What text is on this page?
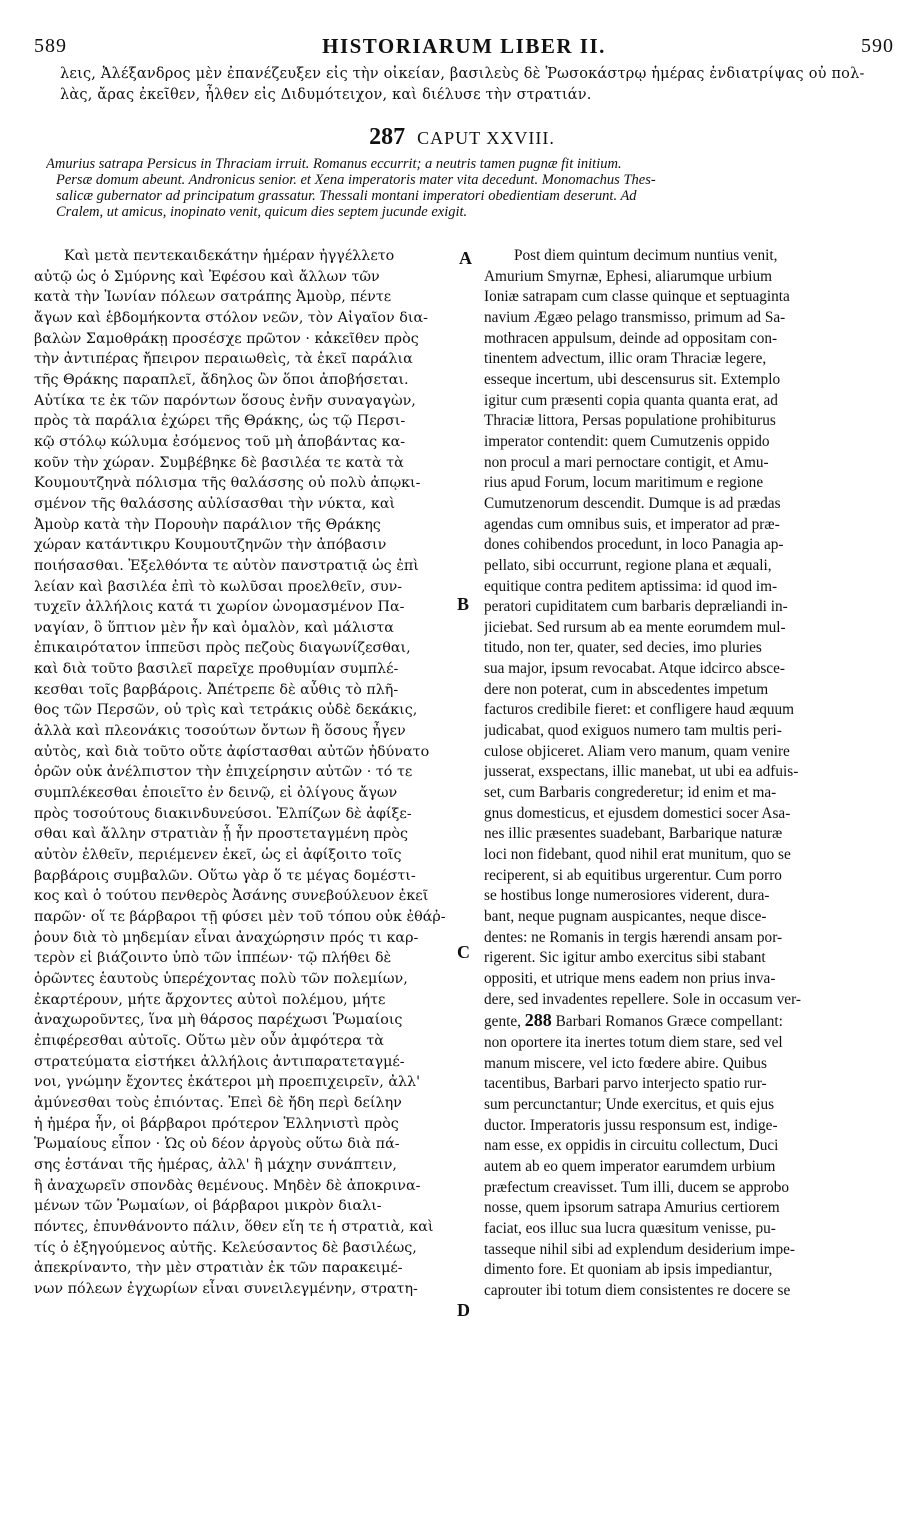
589	HISTORIARUM LIBER II.	590
λεις, Ἀλέξανδρος μὲν ἐπανέζευξεν εἰς τὴν οἰκείαν, βασιλεὺς δὲ Ῥωσοκάστρῳ ἡμέρας ἐνδιατρίψας οὐ πολ-
λὰς, ἄρας ἐκεῖθεν, ἦλθεν εἰς Διδυμότειχον, καὶ διέλυσε τὴν στρατιάν.
287 CAPUT XXVIII.
Amurius satrapa Persicus in Thraciam irruit. Romanus eccurrit; a neutris tamen pugnæ fit initium.
Persæ domum abeunt. Andronicus senior. et Xena imperatoris mater vita decedunt. Monomachus Thes-
salicæ gubernator ad principatum grassatur. Thessali montani imperatori obedientiam deserunt. Ad
Cralem, ut amicus, inopinato venit, quicum dies septem jucunde exigit.
Καὶ μετὰ πεντεκαιδεκάτην ἡμέραν ἠγγέλλετο
αὐτῷ ὡς ὁ Σμύρνης καὶ Ἐφέσου καὶ ἄλλων τῶν
κατὰ τὴν Ἰωνίαν πόλεων σατράπης Ἀμοὺρ, πέντε
ἄγων καὶ ἑβδομήκοντα στόλον νεῶν, τὸν Αἰγαῖον δια-
βαλὼν Σαμοθράκῃ προσέσχε πρῶτον · κἀκεῖθεν πρὸς
τὴν ἀντιπέρας ἤπειρον περαιωθεὶς, τὰ ἐκεῖ παράλια
τῆς Θράκης παραπλεῖ, ἄδηλος ὢν ὅποι ἀποβήσεται.
Αὐτίκα τε ἐκ τῶν παρόντων ὅσους ἐνῆν συναγαγὼν,
πρὸς τὰ παράλια ἐχώρει τῆς Θράκης, ὡς τῷ Περσι-
κῷ στόλῳ κώλυμα ἐσόμενος τοῦ μὴ ἀποβάντας κα-
κοῦν τὴν χώραν. Συμβέβηκε δὲ βασιλέα τε κατὰ τὰ
Κουμουτζηνὰ πόλισμα τῆς θαλάσσης οὐ πολὺ ἀπῳκι-
σμένον τῆς θαλάσσης αὐλίσασθαι τὴν νύκτα, καὶ
Ἀμοὺρ κατὰ τὴν Πορουὴν παράλιον τῆς Θράκης
χώραν κατάντικρυ Κουμουτζηνῶν τὴν ἀπόβασιν
ποιήσασθαι. Ἐξελθόντα τε αὐτὸν πανστρατιᾷ ὡς ἐπὶ
λείαν καὶ βασιλέα ἐπὶ τὸ κωλῦσαι προελθεῖν, συν-
τυχεῖν ἀλλήλοις κατά τι χωρίον ὠνομασμένον Πα-
ναγίαν, ὃ ὕπτιον μὲν ἦν καὶ ὁμαλὸν, καὶ μάλιστα
ἐπικαιρότατον ἱππεῦσι πρὸς πεζοὺς διαγωνίζεσθαι,
καὶ διὰ τοῦτο βασιλεῖ παρεῖχε προθυμίαν συμπλέ-
κεσθαι τοῖς βαρβάροις. Ἀπέτρεπε δὲ αὖθις τὸ πλῆ-
θος τῶν Περσῶν, οὐ τρὶς καὶ τετράκις οὐδὲ δεκάκις,
ἀλλὰ καὶ πλεονάκις τοσούτων ὄντων ἢ ὅσους ἦγεν
αὐτὸς, καὶ διὰ τοῦτο οὔτε ἀφίστασθαι αὐτῶν ἠδύνατο
ὁρῶν οὐκ ἀνέλπιστον τὴν ἐπιχείρησιν αὐτῶν · τό τε
συμπλέκεσθαι ἐποιεῖτο ἐν δεινῷ, εἰ ὀλίγους ἄγων
πρὸς τοσούτους διακινδυνεύσοι. Ἐλπίζων δὲ ἀφίξε-
σθαι καὶ ἄλλην στρατιὰν ᾗ ἦν προστεταγμένη πρὸς
αὐτὸν ἐλθεῖν, περιέμενεν ἐκεῖ, ὡς εἰ ἀφίξοιτο τοῖς
βαρβάροις συμβαλῶν. Οὕτω γὰρ ὅ τε μέγας δομέστι-
κος καὶ ὁ τούτου πενθερὸς Ἀσάνης συνεβούλευον ἐκεῖ
παρῶν· οἵ τε βάρβαροι τῇ φύσει μὲν τοῦ τόπου οὐκ ἐθάῤ-
ῥουν διὰ τὸ μηδεμίαν εἶναι ἀναχώρησιν πρός τι καρ-
τερὸν εἰ βιάζοιντο ὑπὸ τῶν ἱππέων· τῷ πλήθει δὲ
ὁρῶντες ἑαυτοὺς ὑπερέχοντας πολὺ τῶν πολεμίων,
ἐκαρτέρουν, μήτε ἄρχοντες αὐτοὶ πολέμου, μήτε
ἀναχωροῦντες, ἵνα μὴ θάρσος παρέχωσι Ῥωμαίοις
ἐπιφέρεσθαι αὐτοῖς. Οὕτω μὲν οὖν ἀμφότερα τὰ
στρατεύματα εἱστήκει ἀλλήλοις ἀντιπαρατεταγμέ-
νοι, γνώμην ἔχοντες ἑκάτεροι μὴ προεπιχειρεῖν, ἀλλ'
ἀμύνεσθαι τοὺς ἐπιόντας. Ἐπεὶ δὲ ἤδη περὶ δείλην
ἡ ἡμέρα ἦν, οἱ βάρβαροι πρότερον Ἑλληνιστὶ πρὸς
Ῥωμαίους εἶπον · Ὡς οὐ δέον ἀργοὺς οὕτω διὰ πά-
σης ἑστάναι τῆς ἡμέρας, ἀλλ' ἢ μάχην συνάπτειν,
ἢ ἀναχωρεῖν σπονδὰς θεμένους. Μηδὲν δὲ ἀποκρινα-
μένων τῶν Ῥωμαίων, οἱ βάρβαροι μικρὸν διαλι-
πόντες, ἐπυνθάνοντο πάλιν, ὅθεν εἴη τε ἡ στρατιὰ, καὶ
τίς ὁ ἐξηγούμενος αὐτῆς. Κελεύσαντος δὲ βασιλέως,
ἀπεκρίναντο, τὴν μὲν στρατιὰν ἐκ τῶν παρακειμέ-
νων πόλεων ἐγχωρίων εἶναι συνειλεγμένην, στρατη-
Post diem quintum decimum nuntius venit,
Amurium Smyrnæ, Ephesi, aliarumque urbium
Ioniæ satrapam cum classe quinque et septuaginta
navium Ægæo pelago transmisso, primum ad Sa-
mothracen appulsum, deinde ad oppositam con-
tinentem advectum, illic oram Thraciæ legere,
esseque incertum, ubi descensurus sit. Extemplo
igitur cum præsenti copia quanta quanta erat, ad
Thraciæ littora, Persas populatione prohibiturus
imperator contendit: quem Cumutzenis oppido
non procul a mari pernoctare contigit, et Amu-
rius apud Forum, locum maritimum e regione
Cumutzenorum descendit. Dumque is ad prædas
agendas cum omnibus suis, et imperator ad præ-
dones cohibendos procedunt, in loco Panagia ap-
pellato, sibi occurrunt, regione plana et æquali,
equitique contra peditem aptissima: id quod im-
peratori cupiditatem cum barbaris depræliandi in-
jiciebat. Sed rursum ab ea mente eorumdem mul-
titudo, non ter, quater, sed decies, imo pluries
sua major, ipsum revocabat. Atque idcirco absce-
dere non poterat, cum in abscedentes impetum
facturos credibile fieret: et confligere haud æquum
judicabat, quod exiguos numero tam multis peri-
culose objiceret. Aliam vero manum, quam venire
jusserat, exspectans, illic manebat, ut ubi ea adfuis-
set, cum Barbaris congrederetur; id enim et ma-
gnus domesticus, et ejusdem domestici socer Asa-
nes illic præsentes suadebant, Barbarique naturæ
loci non fidebant, quod nihil erat munitum, quo se
reciperent, si ab equitibus urgerentur. Cum porro
se hostibus longe numerosiores viderent, dura-
bant, neque pugnam auspicantes, neque disce-
dentes: ne Romanis in tergis hærendi ansam por-
rigerent. Sic igitur ambo exercitus sibi stabant
oppositi, et utrique mens eadem non prius inva-
dere, sed invadentes repellere. Sole in occasum ver-
gente, 288 Barbari Romanos Græce compellant:
non oportere ita inertes totum diem stare, sed vel
manum miscere, vel icto fœdere abire. Quibus
tacentibus, Barbari parvo interjecto spatio rur-
sum percunctantur; Unde exercitus, et quis ejus
ductor. Imperatoris jussu responsum est, indige-
nam esse, ex oppidis in circuitu collectum, Duci
autem ab eo quem imperator earumdem urbium
præfectum creavisset. Tum illi, ducem se approbo
nosse, quem ipsorum satrapa Amurius certiorem
faciat, eos illuc sua lucra quæsitum venisse, pu-
tasseque nihil sibi ad explendum desiderium impe-
dimento fore. Et quoniam ab ipsis impediantur,
caprouter ibi totum diem consistentes re docere se
A
B
C
D
